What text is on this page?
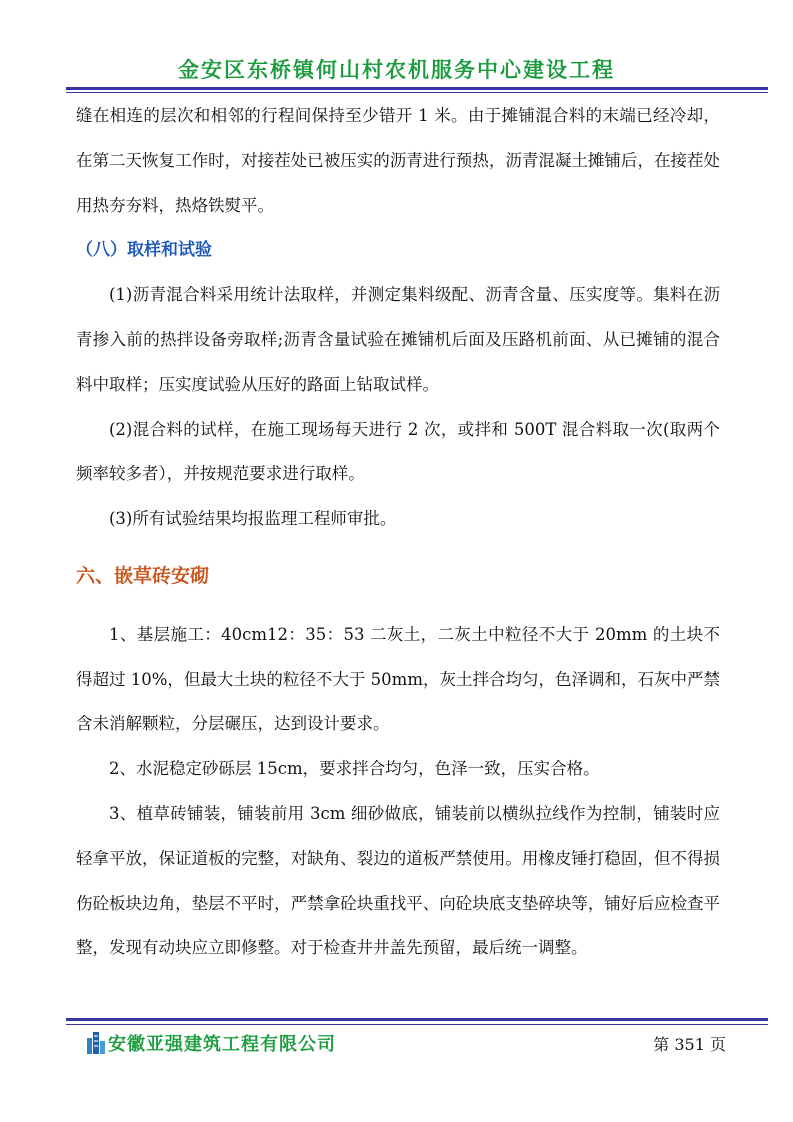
金安区东桥镇何山村农机服务中心建设工程

缝在相连的层次和相邻的行程间保持至少错开 1 米。由于摊铺混合料的末端已经冷却，在第二天恢复工作时，对接茬处已被压实的沥青进行预热，沥青混凝土摊铺后，在接茬处用热夯夯料，热烙铁熨平。

（八）取样和试验

(1)沥青混合料采用统计法取样，并测定集料级配、沥青含量、压实度等。集料在沥青掺入前的热拌设备旁取样;沥青含量试验在摊铺机后面及压路机前面、从已摊铺的混合料中取样；压实度试验从压好的路面上钻取试样。

(2)混合料的试样，在施工现场每天进行 2 次，或拌和 500T 混合料取一次(取两个频率较多者），并按规范要求进行取样。

(3)所有试验结果均报监理工程师审批。

六、嵌草砖安砌

1、基层施工：40cm12：35：53 二灰土，二灰土中粒径不大于 20mm 的土块不得超过 10%，但最大土块的粒径不大于 50mm，灰土拌合均匀，色泽调和，石灰中严禁含未消解颗粒，分层碾压，达到设计要求。

2、水泥稳定砂砾层 15cm，要求拌合均匀，色泽一致，压实合格。

3、植草砖铺装，铺装前用 3cm 细砂做底，铺装前以横纵拉线作为控制，铺装时应轻拿平放，保证道板的完整，对缺角、裂边的道板严禁使用。用橡皮锤打稳固，但不得损伤砼板块边角，垫层不平时，严禁拿砼块重找平、向砼块底支垫碎块等，铺好后应检查平整，发现有动块应立即修整。对于检查井井盖先预留，最后统一调整。

安徽亚强建筑工程有限公司	第 351 页
